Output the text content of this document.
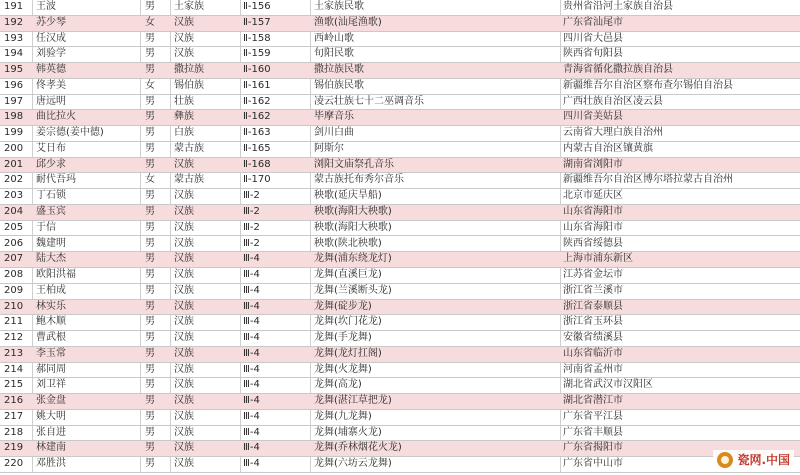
191	王波	男	土家族	Ⅱ-156	土家族民歌	贵州省沿河土家族自治县
192	苏少琴	女	汉族	Ⅱ-157	渔歌(汕尾渔歌)	广东省汕尾市
193	任汉成	男	汉族	Ⅱ-158	西岭山歌	四川省大邑县
194	刘验学	男	汉族	Ⅱ-159	旬阳民歌	陕西省旬阳县
195	韩英德	男	撒拉族	Ⅱ-160	撒拉族民歌	青海省循化撒拉族自治县
196	佟孝美	女	锡伯族	Ⅱ-161	锡伯族民歌	新疆维吾尔自治区察布查尔锡伯自治县
197	唐远明	男	壮族	Ⅱ-162	凌云壮族七十二巫调音乐	广西壮族自治区凌云县
198	曲比拉火	男	彝族	Ⅱ-162	毕摩音乐	四川省美姑县
199	姜宗德(姜中德)	男	白族	Ⅱ-163	剑川白曲	云南省大理白族自治州
200	艾日布	男	蒙古族	Ⅱ-165	阿斯尔	内蒙古自治区镶黄旗
201	邱少求	男	汉族	Ⅱ-168	浏阳文庙祭孔音乐	湖南省浏阳市
202	耐代吾玛	女	蒙古族	Ⅱ-170	蒙古族托布秀尔音乐	新疆维吾尔自治区博尔塔拉蒙古自治州
203	丁石锁	男	汉族	Ⅲ-2	秧歌(延庆旱船)	北京市延庆区
204	盛玉宾	男	汉族	Ⅲ-2	秧歌(海阳大秧歌)	山东省海阳市
205	于信	男	汉族	Ⅲ-2	秧歌(海阳大秧歌)	山东省海阳市
206	魏建明	男	汉族	Ⅲ-2	秧歌(陕北秧歌)	陕西省绥德县
207	陆大杰	男	汉族	Ⅲ-4	龙舞(浦东绕龙灯)	上海市浦东新区
208	欧阳洪福	男	汉族	Ⅲ-4	龙舞(直溪巨龙)	江苏省金坛市
209	王柏成	男	汉族	Ⅲ-4	龙舞(兰溪断头龙)	浙江省兰溪市
210	林实乐	男	汉族	Ⅲ-4	龙舞(碇步龙)	浙江省泰顺县
211	鲍木顺	男	汉族	Ⅲ-4	龙舞(坎门花龙)	浙江省玉环县
212	曹武根	男	汉族	Ⅲ-4	龙舞(手龙舞)	安徽省绩溪县
213	李玉常	男	汉族	Ⅲ-4	龙舞(龙灯扛阁)	山东省临沂市
214	郝同周	男	汉族	Ⅲ-4	龙舞(火龙舞)	河南省孟州市
215	刘卫祥	男	汉族	Ⅲ-4	龙舞(高龙)	湖北省武汉市汉阳区
216	张金盘	男	汉族	Ⅲ-4	龙舞(湛江草把龙)	湖北省潜江市
217	姚大明	男	汉族	Ⅲ-4	龙舞(九龙舞)	广东省平江县
218	张自进	男	汉族	Ⅲ-4	龙舞(埔寨火龙)	广东省丰顺县
219	林建南	男	汉族	Ⅲ-4	龙舞(乔林烟花火龙)	广东省揭阳市
220	邓胜洪	男	汉族	Ⅲ-4	龙舞(六坊云龙舞)	广东省中山市	瓷网.中国
